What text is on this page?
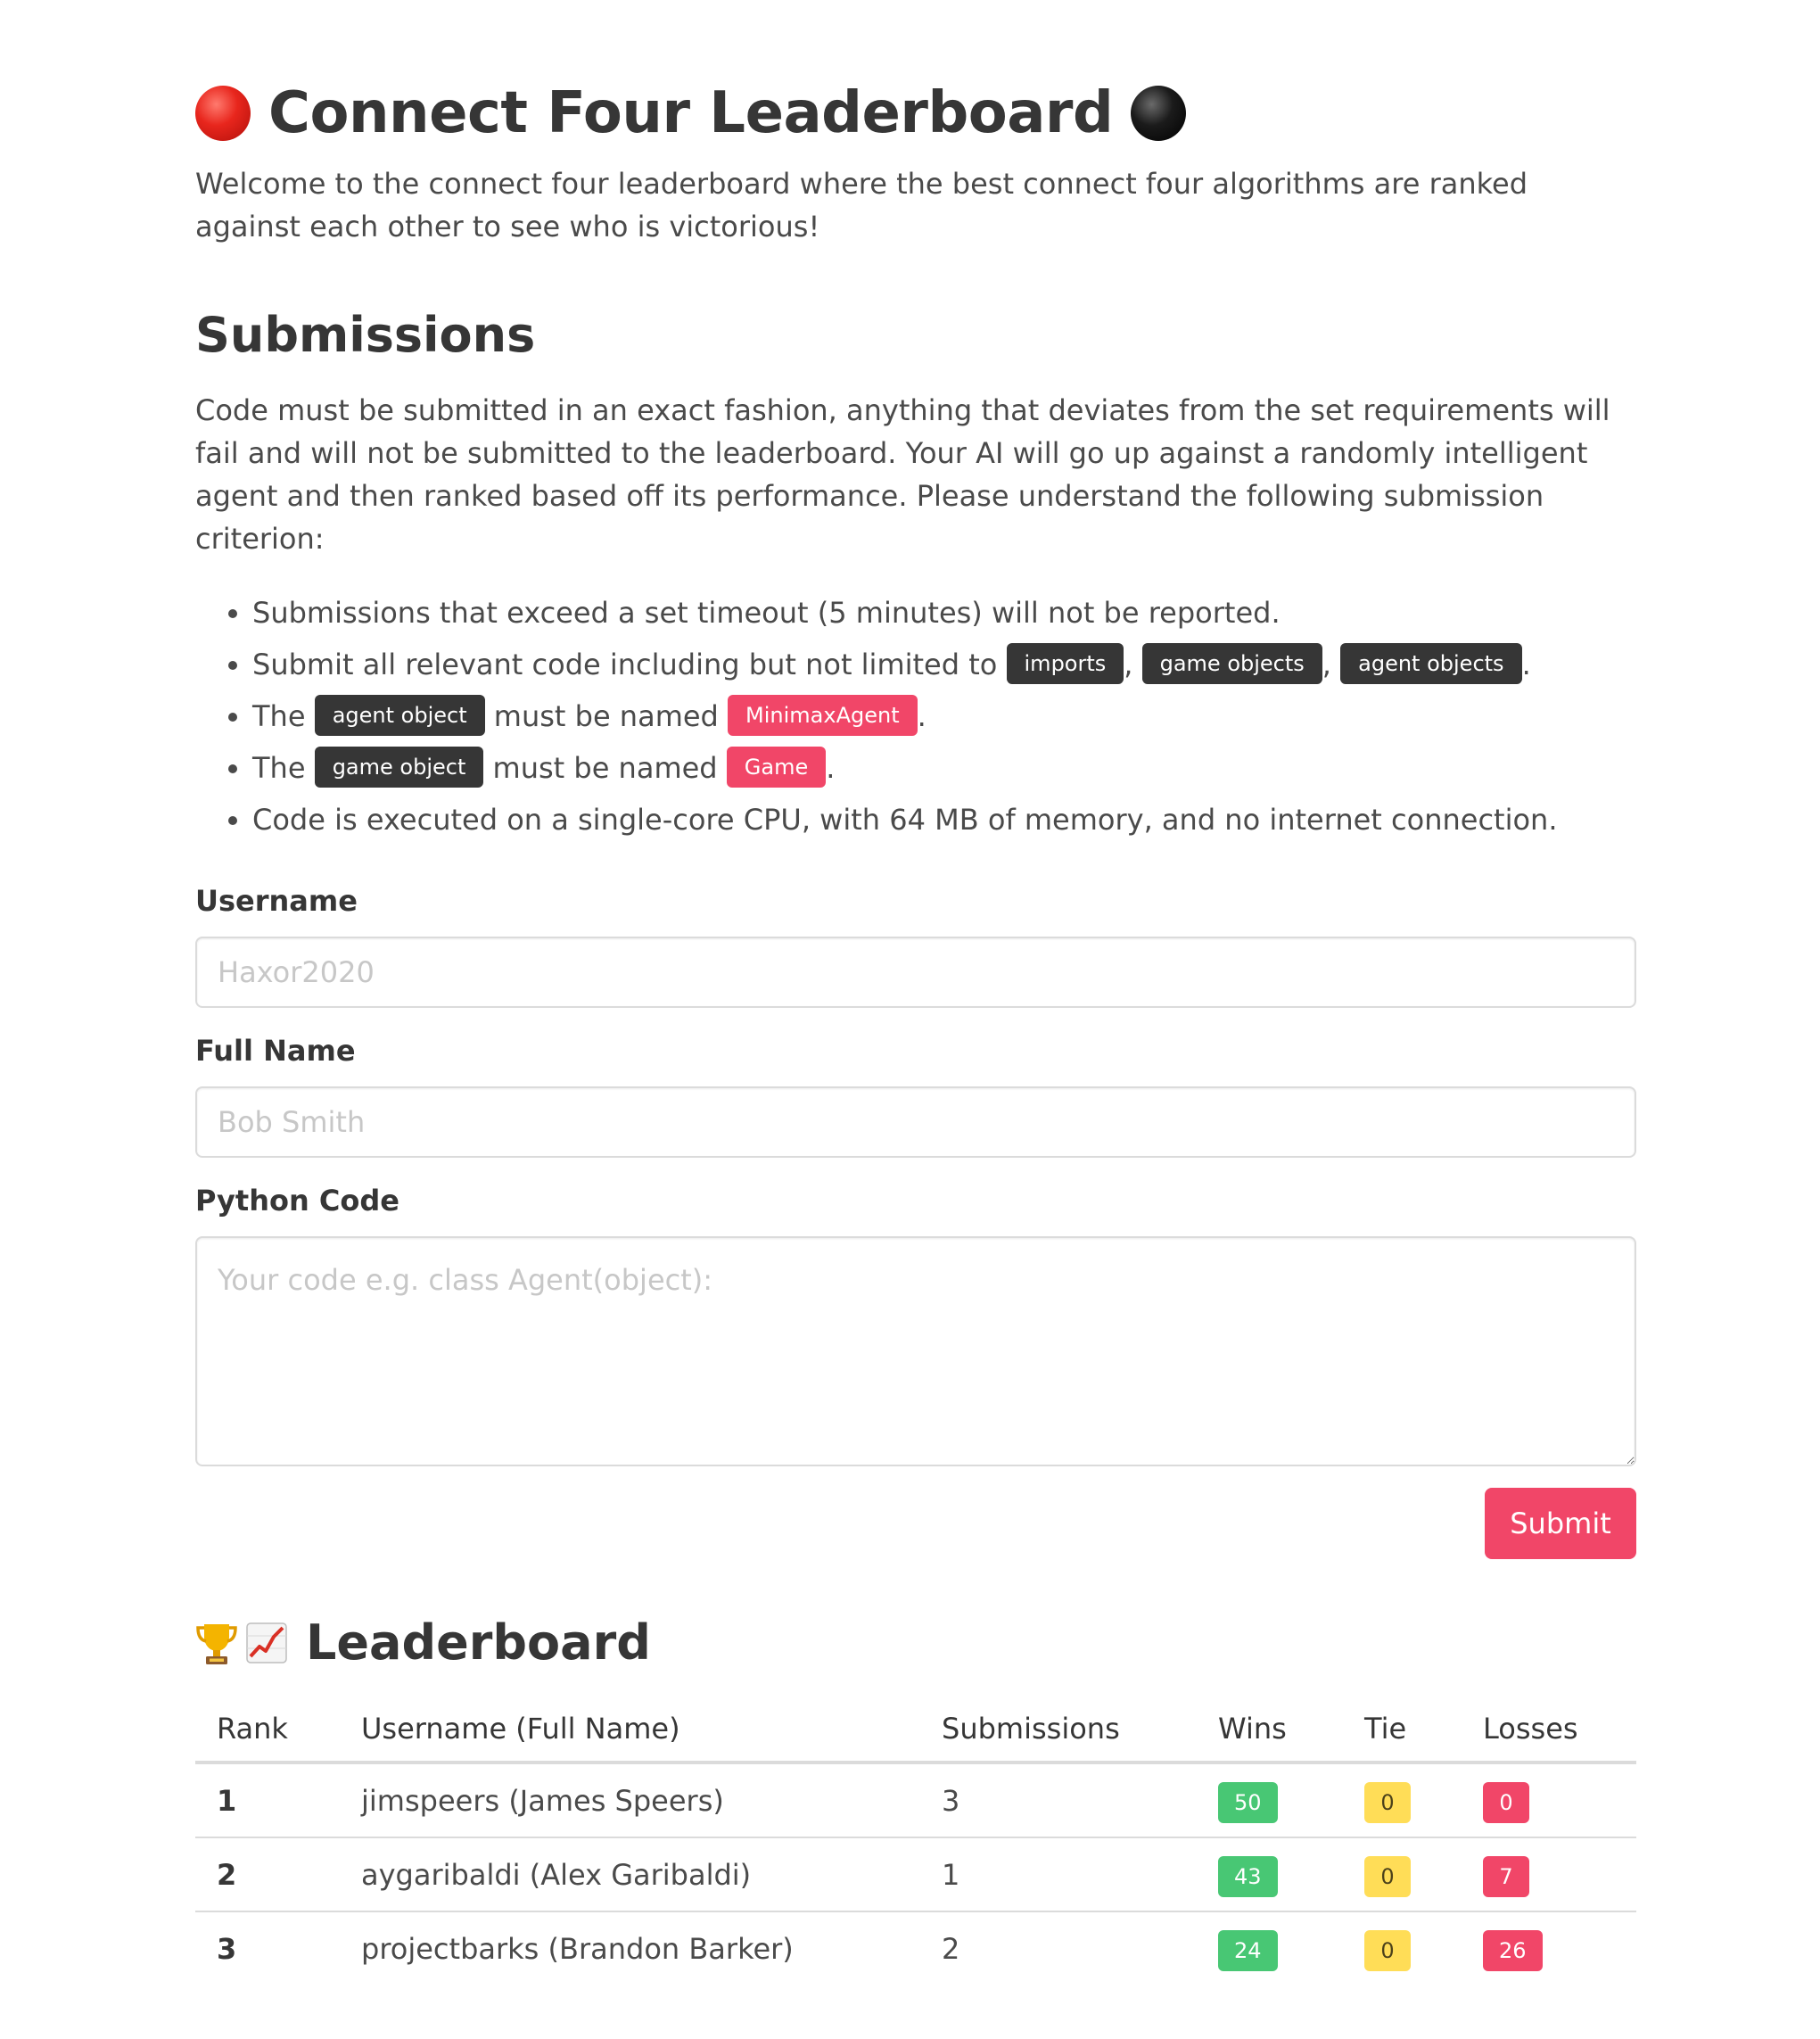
Connect Four Leaderboard

Welcome to the connect four leaderboard where the best connect four algorithms are ranked against each other to see who is victorious!

Submissions

Code must be submitted in an exact fashion, anything that deviates from the set requirements will fail and will not be submitted to the leaderboard. Your AI will go up against a randomly intelligent agent and then ranked based off its performance. Please understand the following submission criterion:

• Submissions that exceed a set timeout (5 minutes) will not be reported.
• Submit all relevant code including but not limited to imports , game objects , agent objects .
• The agent object must be named MinimaxAgent .
• The game object must be named Game .
• Code is executed on a single-core CPU, with 64 MB of memory, and no internet connection.
Username
Haxor2020
Full Name
Bob Smith
Python Code
Your code e.g. class Agent(object):
Submit
Leaderboard
Rank	Username (Full Name)	Submissions	Wins	Tie	Losses
1	jimspeers (James Speers)	3	50	0	0
2	aygaribaldi (Alex Garibaldi)	1	43	0	7
3	projectbarks (Brandon Barker)	2	24	0	26
